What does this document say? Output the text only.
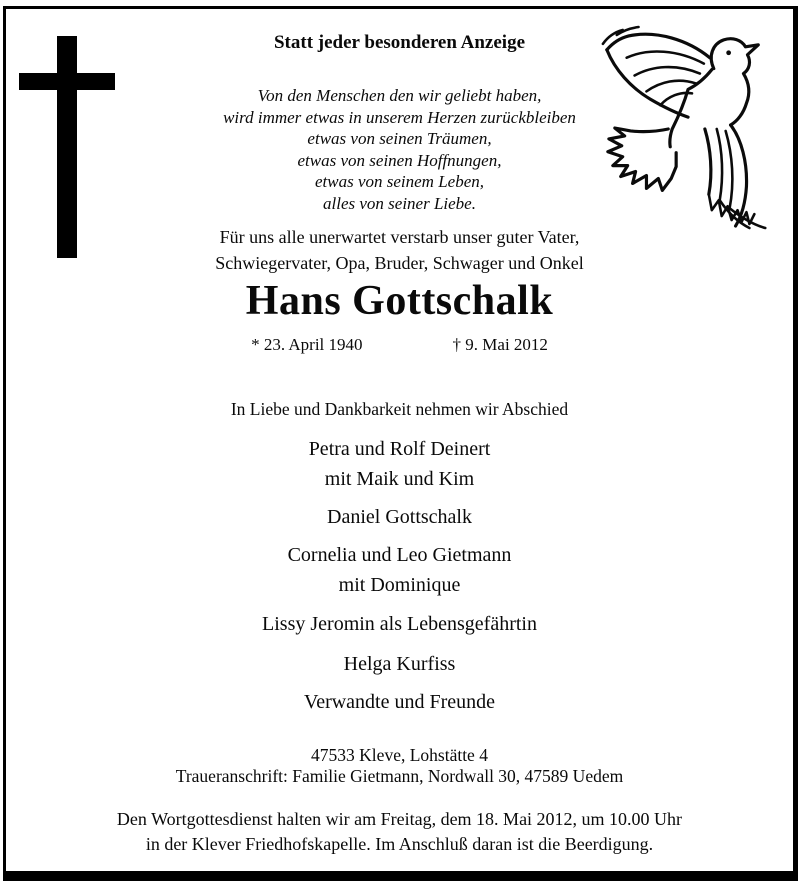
Statt jeder besonderen Anzeige
Von den Menschen den wir geliebt haben,
wird immer etwas in unserem Herzen zurückbleiben
etwas von seinen Träumen,
etwas von seinen Hoffnungen,
etwas von seinem Leben,
alles von seiner Liebe.
Für uns alle unerwartet verstarb unser guter Vater,
Schwiegervater, Opa, Bruder, Schwager und Onkel
Hans Gottschalk
* 23. April 1940	† 9. Mai 2012
In Liebe und Dankbarkeit nehmen wir Abschied
Petra und Rolf Deinert
mit Maik und Kim
Daniel Gottschalk
Cornelia und Leo Gietmann
mit Dominique
Lissy Jeromin als Lebensgefährtin
Helga Kurfiss
Verwandte und Freunde
47533 Kleve, Lohstätte 4
Traueranschrift: Familie Gietmann, Nordwall 30, 47589 Uedem
Den Wortgottesdienst halten wir am Freitag, dem 18. Mai 2012, um 10.00 Uhr
in der Klever Friedhofskapelle. Im Anschluß daran ist die Beerdigung.
